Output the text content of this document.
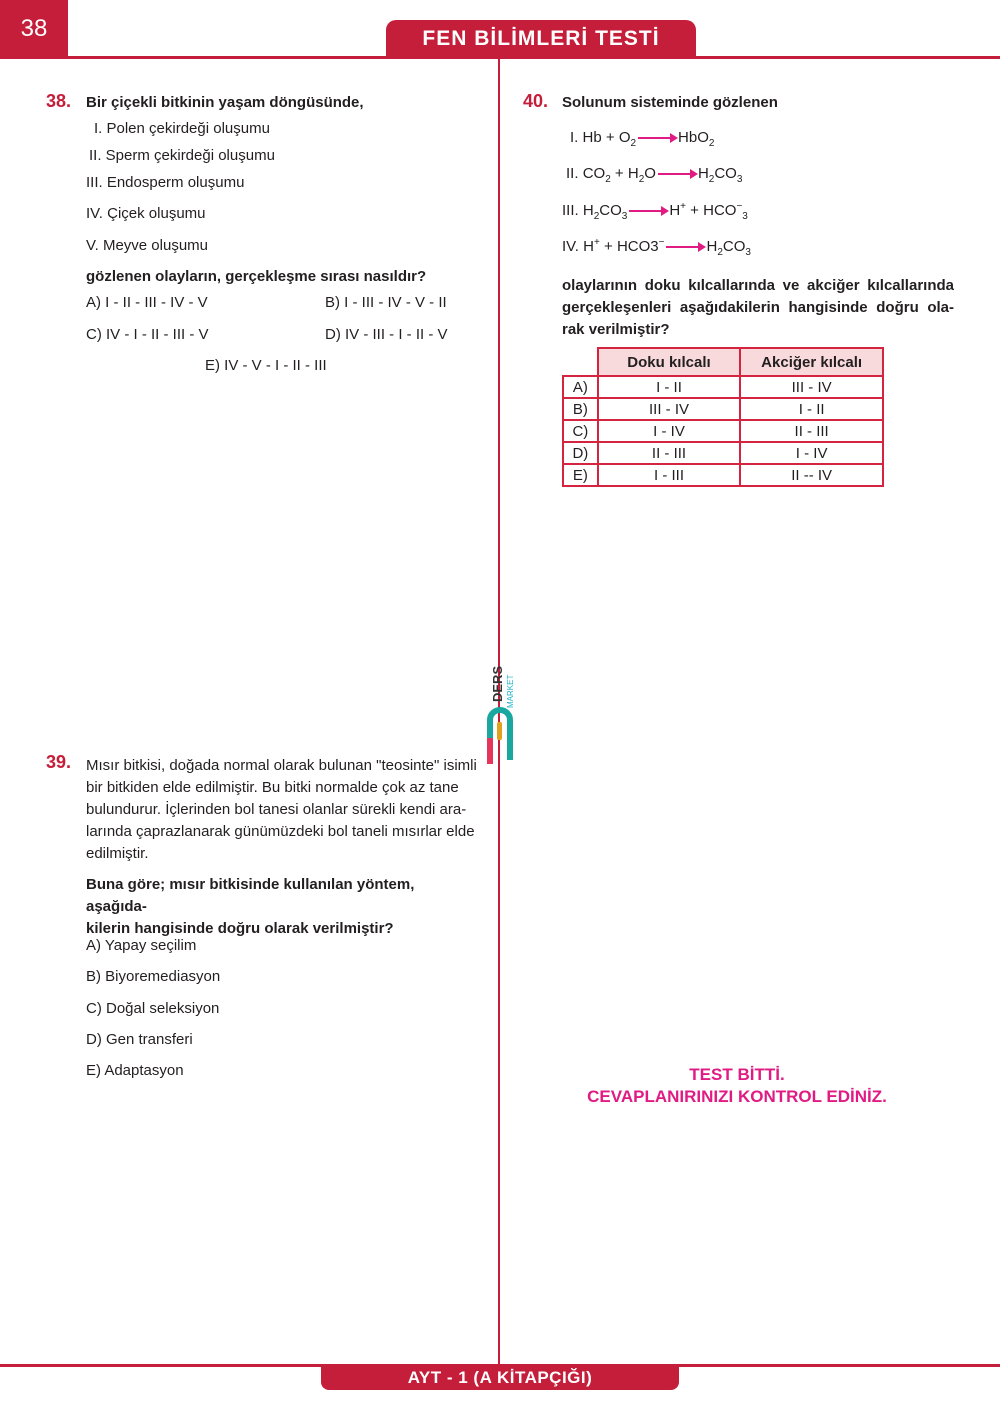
38	FEN BİLİMLERİ TESTİ
DERS MARKET
38. Bir çiçekli bitkinin yaşam döngüsünde,
I. Polen çekirdeği oluşumu
II. Sperm çekirdeği oluşumu
III. Endosperm oluşumu
IV. Çiçek oluşumu
V. Meyve oluşumu
gözlenen olayların, gerçekleşme sırası nasıldır?
A) I - II - III - IV - V	B) I - III - IV - V - II
C) IV - I - II - III - V	D) IV - III - I - II - V
E) IV - V - I - II - III
40. Solunum sisteminde gözlenen
I. $Hb + O_2 \to HbO_2$
II. $CO_2 + H_2O \to H_2CO_3$
III. $H_2CO_3 \to H^+ + HCO^-_3$
IV. $H^+ + HCO3^- \to H_2CO_3$
olaylarının doku kılcallarında ve akciğer kılcallarında
gerçekleşenleri aşağıdakilerin hangisinde doğru ola-
rak verilmiştir?
	Doku kılcalı	Akciğer kılcalı
A)	I - II	III - IV
B)	III - IV	I - II
C)	I - IV	II - III
D)	II - III	I - IV
E)	I - III	II -- IV
39. Mısır bitkisi, doğada normal olarak bulunan "teosinte" isimli
bir bitkiden elde edilmiştir. Bu bitki normalde çok az tane
bulundurur. İçlerinden bol tanesi olanlar sürekli kendi ara-
larında çaprazlanarak günümüzdeki bol taneli mısırlar elde
edilmiştir.
Buna göre; mısır bitkisinde kullanılan yöntem, aşağıda-
kilerin hangisinde doğru olarak verilmiştir?
A) Yapay seçilim
B) Biyoremediasyon
C) Doğal seleksiyon
D) Gen transferi
E) Adaptasyon	TEST BİTTİ.
CEVAPLANIRINIZI KONTROL EDİNİZ.
AYT - 1 (A KİTAPÇIĞI)
